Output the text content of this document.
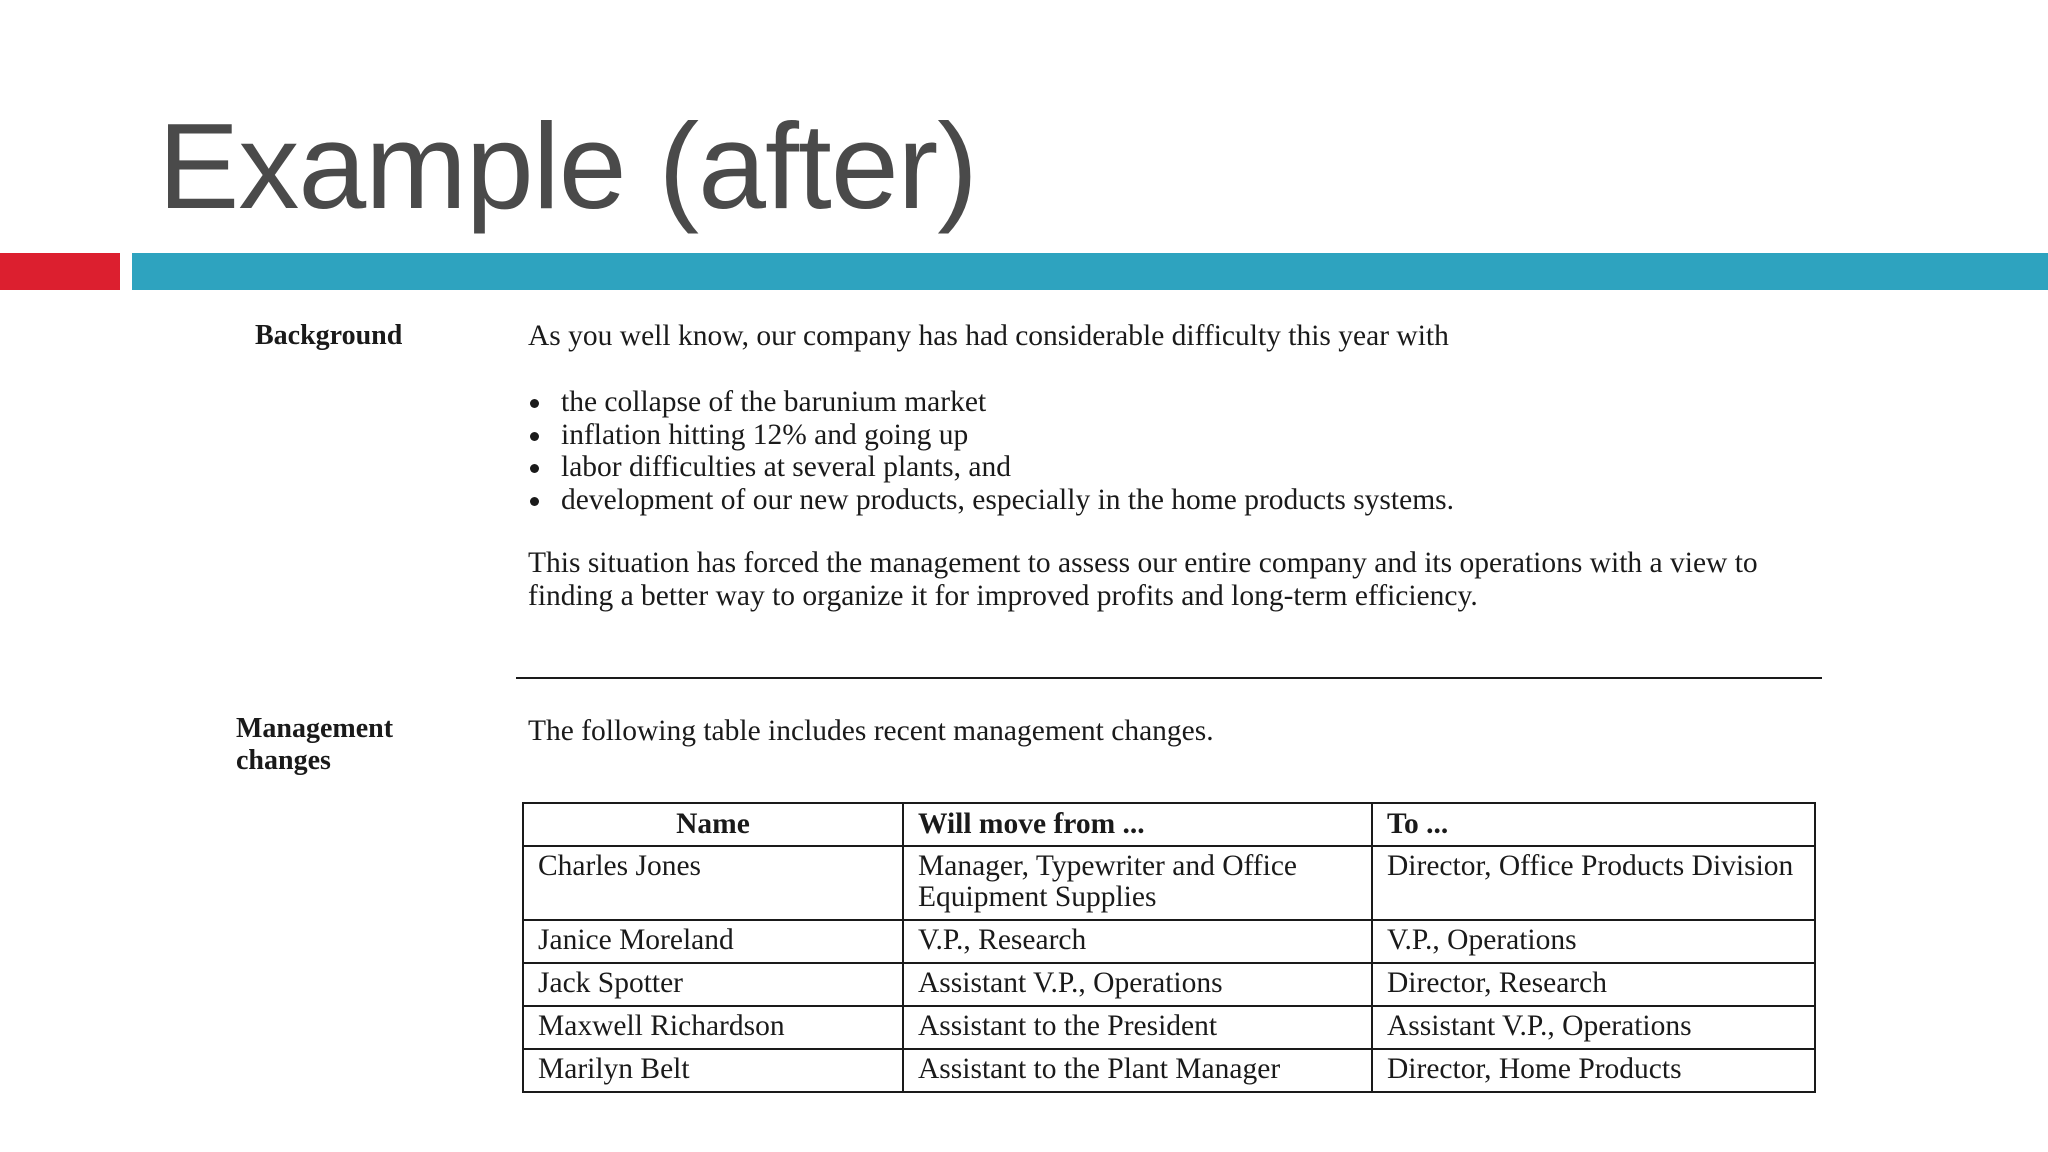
Example (after)
Background	As you well know, our company has had considerable difficulty this year with

the collapse of the barunium market
inflation hitting 12% and going up
labor difficulties at several plants, and
development of our new products, especially in the home products systems.

This situation has forced the management to assess our entire company and its operations with a view to finding a better way to organize it for improved profits and long-term efficiency.

Management changes

The following table includes recent management changes.

Name	Will move from ...	To ...
Charles Jones	Manager, Typewriter and Office Equipment Supplies	Director, Office Products Division
Janice Moreland	V.P., Research	V.P., Operations
Jack Spotter	Assistant V.P., Operations	Director, Research
Maxwell Richardson	Assistant to the President	Assistant V.P., Operations
Marilyn Belt	Assistant to the Plant Manager	Director, Home Products
